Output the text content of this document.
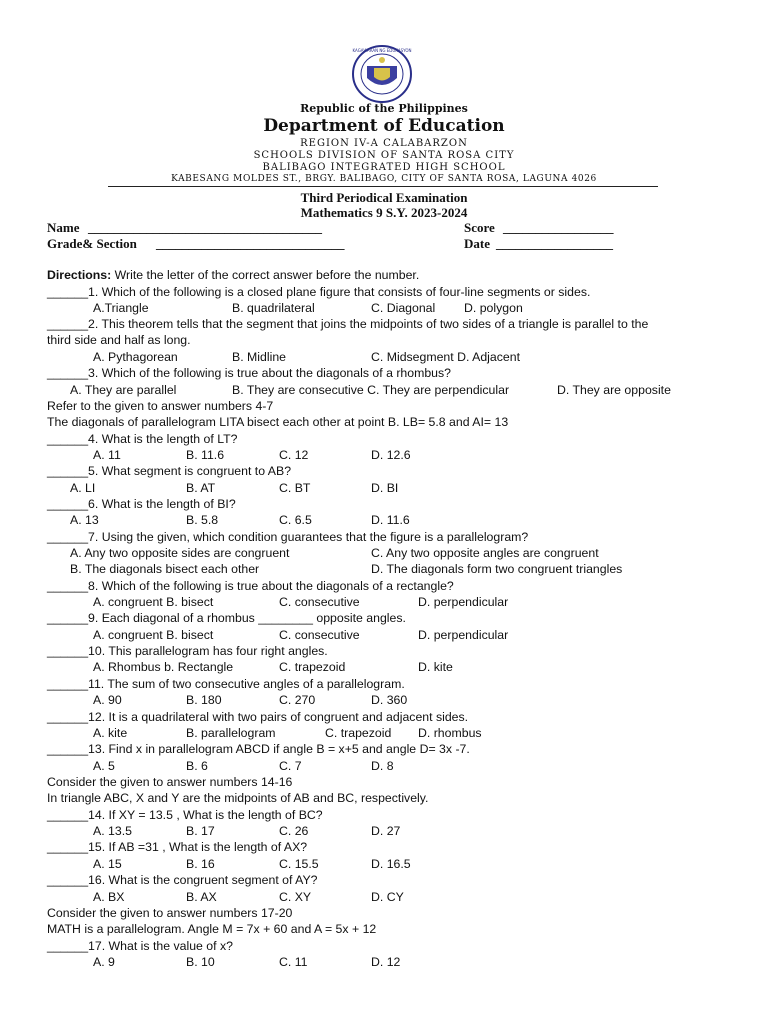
KAGAWARAN NG EDUKASYON
Republic of the Philippines
Department of Education
REGION IV-A CALABARZON
SCHOOLS DIVISION OF SANTA ROSA CITY
BALIBAGO INTEGRATED HIGH SCHOOL
KABESANG MOLDES ST., BRGY. BALIBAGO, CITY OF SANTA ROSA, LAGUNA 4026
Third Periodical Examination
Mathematics 9 S.Y. 2023-2024
Name ____________________________________	Score _________________
Grade& Section _____________________________	Date __________________
Directions: Write the letter of the correct answer before the number.
______1. Which of the following is a closed plane figure that consists of four-line segments or sides.
A.Triangle	B. quadrilateral	C. Diagonal D. polygon
______2. This theorem tells that the segment that joins the midpoints of two sides of a triangle is parallel to the
third side and half as long.
A. Pythagorean	B. Midline	C. Midsegment D. Adjacent
______3. Which of the following is true about the diagonals of a rhombus?
A. They are parallel	B. They are consecutive C. They are perpendicular	D. They are opposite
Refer to the given to answer numbers 4-7
The diagonals of parallelogram LITA bisect each other at point B. LB= 5.8 and AI= 13
______4. What is the length of LT?
A. 11	B. 11.6	C. 12	D. 12.6
______5. What segment is congruent to AB?
A. LI	B. AT	C. BT	D. BI
______6. What is the length of BI?
A. 13	B. 5.8	C. 6.5	D. 11.6
______7. Using the given, which condition guarantees that the figure is a parallelogram?
A. Any two opposite sides are congruent	C. Any two opposite angles are congruent
B. The diagonals bisect each other	D. The diagonals form two congruent triangles
______8. Which of the following is true about the diagonals of a rectangle?
A. congruent B. bisect	C. consecutive	D. perpendicular
______9. Each diagonal of a rhombus ________ opposite angles.
A. congruent B. bisect	C. consecutive	D. perpendicular
______10. This parallelogram has four right angles.
A. Rhombus b. Rectangle	C. trapezoid	D. kite
______11. The sum of two consecutive angles of a parallelogram.
A. 90	B. 180	C. 270	D. 360
______12. It is a quadrilateral with two pairs of congruent and adjacent sides.
A. kite	B. parallelogram	C. trapezoid D. rhombus
______13. Find x in parallelogram ABCD if angle B = x+5 and angle D= 3x -7.
A. 5	B. 6	C. 7	D. 8
Consider the given to answer numbers 14-16
In triangle ABC, X and Y are the midpoints of AB and BC, respectively.
______14. If XY = 13.5 , What is the length of BC?
A. 13.5	B. 17	C. 26	D. 27
______15. If AB =31 , What is the length of AX?
A. 15	B. 16	C. 15.5	D. 16.5
______16. What is the congruent segment of AY?
A. BX	B. AX	C. XY	D. CY
Consider the given to answer numbers 17-20
MATH is a parallelogram. Angle M = 7x + 60 and A = 5x + 12
______17. What is the value of x?
A. 9	B. 10	C. 11	D. 12
